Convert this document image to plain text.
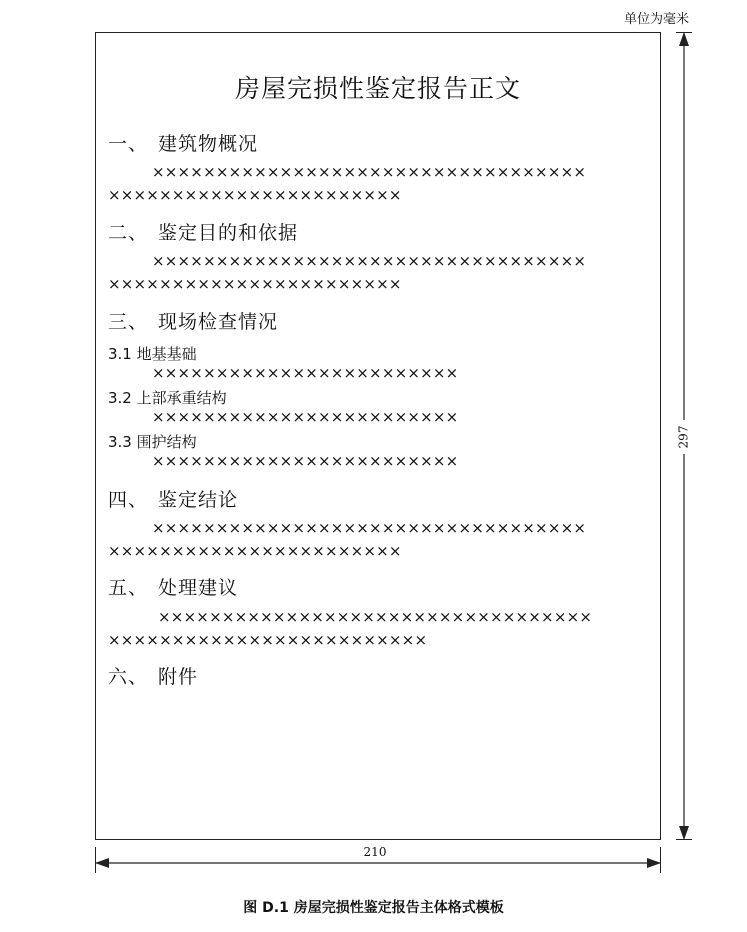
单位为毫米
房屋完损性鉴定报告正文
一、 建筑物概况
××××××××××××××××××××××××××××××××××
×××××××××××××××××××××××
二、 鉴定目的和依据
××××××××××××××××××××××××××××××××××
×××××××××××××××××××××××
三、 现场检查情况
3.1 地基基础
××××××××××××××××××××××××
3.2 上部承重结构
××××××××××××××××××××××××
3.3 围护结构
××××××××××××××××××××××××
四、 鉴定结论
××××××××××××××××××××××××××××××××××
×××××××××××××××××××××××
五、 处理建议
××××××××××××××××××××××××××××××××××
×××××××××××××××××××××××××
六、 附件
297
210
图 D.1 房屋完损性鉴定报告主体格式模板
